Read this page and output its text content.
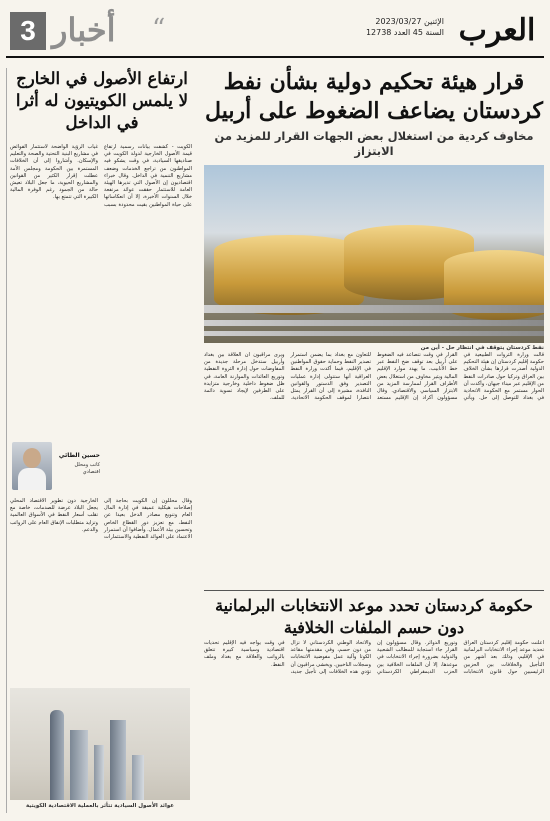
العرب
الإثنين 2023/03/27
السنة 45 العدد 12738
3 أخبار “
قرار هيئة تحكيم دولية بشأن نفط كردستان يضاعف الضغوط على أربيل
مخاوف كردية من استغلال بعض الجهات القرار للمزيد من الابتزاز
نفط كردستان يتوقف في انتظار حل - أين من
قالت وزارة الثروات الطبيعية في حكومة إقليم كردستان إن هيئة التحكيم الدولية أصدرت قرارها بشأن الخلاف بين العراق وتركيا حول صادرات النفط من الإقليم عبر ميناء جيهان، وأكدت أن الحوار مستمر مع الحكومة الاتحادية في بغداد للتوصل إلى حل. ويأتي القرار في وقت تتصاعد فيه الضغوط على أربيل بعد توقف ضخ النفط عبر خط الأنابيب، ما يهدد موارد الإقليم المالية ويثير مخاوف من استغلال بعض الأطراف القرار لممارسة المزيد من الابتزاز السياسي والاقتصادي. وقال مسؤولون أكراد إن الإقليم مستعد للتعاون مع بغداد بما يضمن استمرار تصدير النفط وحماية حقوق المواطنين في الإقليم، فيما أكدت وزارة النفط العراقية أنها ستتولى إدارة عمليات التصدير وفق الدستور والقوانين النافذة، مشيرة إلى أن القرار يمثل انتصارا لموقف الحكومة الاتحادية. ويرى مراقبون أن العلاقة بين بغداد وأربيل ستدخل مرحلة جديدة من المفاوضات حول إدارة الثروة النفطية وتوزيع العائدات والموازنة العامة، في ظل ضغوط داخلية وخارجية متزايدة على الطرفين لإيجاد تسوية دائمة للملف.
حكومة كردستان تحدد موعد الانتخابات البرلمانية دون حسم الملفات الخلافية
أعلنت حكومة إقليم كردستان العراق تحديد موعد إجراء الانتخابات البرلمانية في الإقليم، وذلك بعد أشهر من التأجيل والخلافات بين الحزبين الرئيسيين حول قانون الانتخابات وتوزيع الدوائر. وقال مسؤولون إن القرار جاء استجابة للمطالب الشعبية والدولية بضرورة إجراء الانتخابات في موعدها، إلا أن الملفات الخلافية بين الحزب الديمقراطي الكردستاني والاتحاد الوطني الكردستاني لا تزال من دون حسم، وفي مقدمتها مقاعد الكوتا وآلية عمل مفوضية الانتخابات وسجلات الناخبين. ويخشى مراقبون أن تؤدي هذه الخلافات إلى تأجيل جديد، في وقت يواجه فيه الإقليم تحديات اقتصادية وسياسية كبيرة تتعلق بالرواتب والعلاقة مع بغداد وملف النفط.
ارتفاع الأصول في الخارج لا يلمس الكويتيون له أثرا في الداخل
الكويت - كشفت بيانات رسمية ارتفاع قيمة الأصول الخارجية لدولة الكويت في صناديقها السيادية، في وقت يشكو فيه المواطنون من تراجع الخدمات وضعف مشاريع التنمية في الداخل. وقال خبراء اقتصاديون إن الأصول التي تديرها الهيئة العامة للاستثمار حققت عوائد مرتفعة خلال السنوات الأخيرة، إلا أن انعكاساتها على حياة المواطنين بقيت محدودة بسبب غياب الرؤية الواضحة لاستثمار الفوائض في مشاريع البنية التحتية والصحة والتعليم والإسكان. وأشاروا إلى أن الخلافات المستمرة بين الحكومة ومجلس الأمة عطلت إقرار الكثير من القوانين والمشاريع الحيوية، ما جعل البلاد تعيش حالة من الجمود رغم الوفرة المالية الكبيرة التي تتمتع بها.
حسين الطائي
كاتب ومحلل اقتصادي
وقال محللون إن الكويت بحاجة إلى إصلاحات هيكلية عميقة في إدارة المال العام وتنويع مصادر الدخل بعيدا عن النفط، مع تعزيز دور القطاع الخاص وتحسين بيئة الأعمال. وأضافوا أن استمرار الاعتماد على العوائد النفطية والاستثمارات الخارجية دون تطوير الاقتصاد المحلي يجعل البلاد عرضة للصدمات، خاصة مع تقلب أسعار النفط في الأسواق العالمية وتزايد متطلبات الإنفاق العام على الرواتب والدعم.
عوائد الأصول السيادية تتأثر بالعملية الاقتصادية الكويتية
